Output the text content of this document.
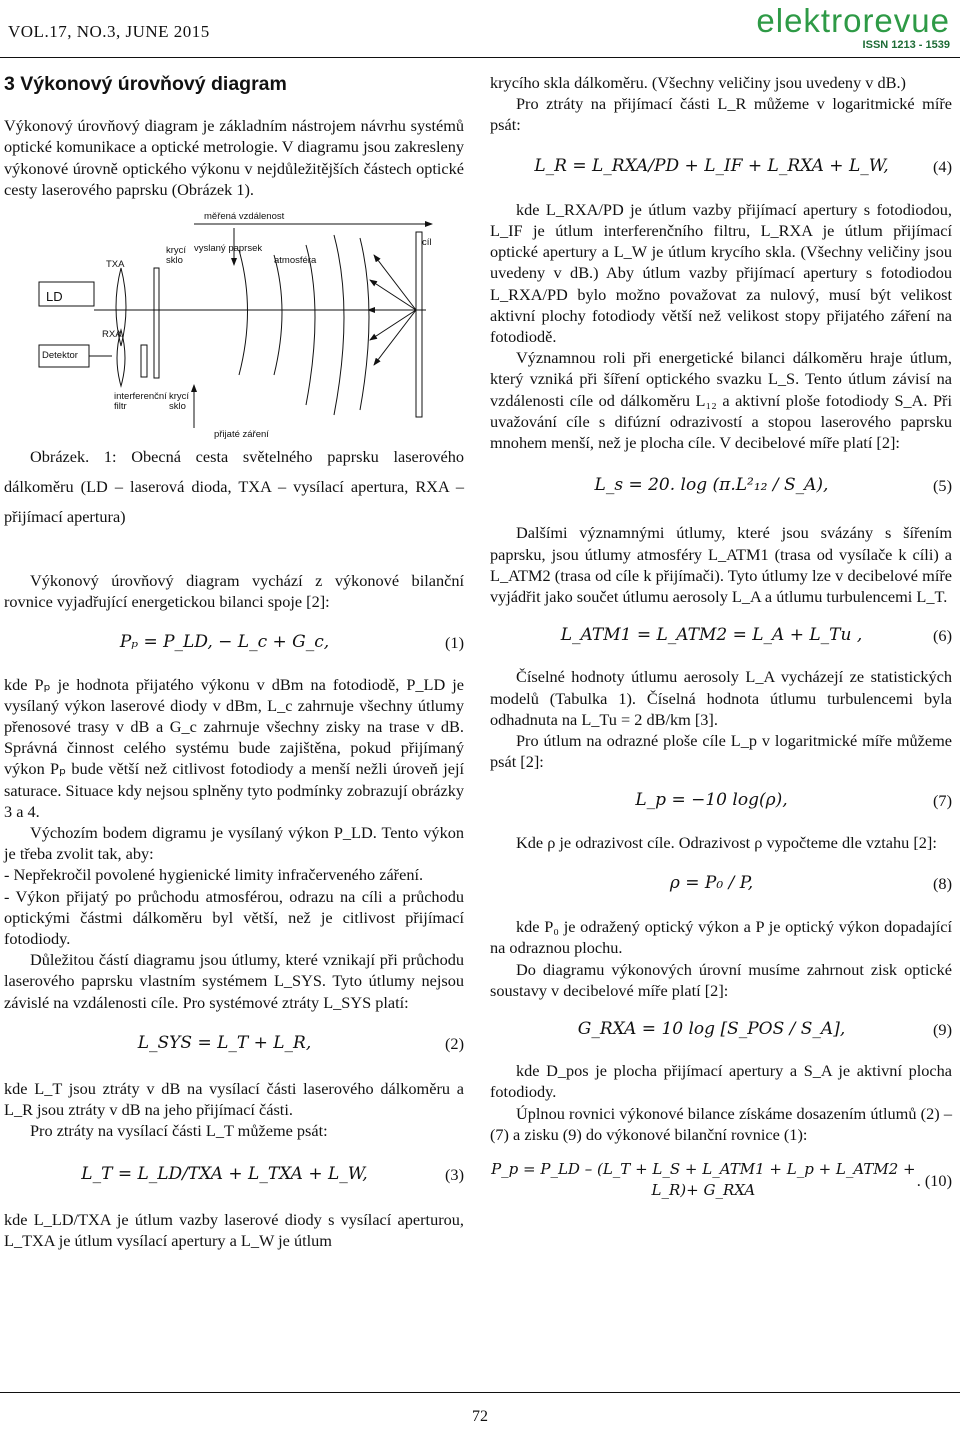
VOL.17, NO.3, JUNE 2015	elektrorevue
ISSN 1213 - 1539
3 Výkonový úrovňový diagram

Výkonový úrovňový diagram je základním nástrojem návrhu systémů optické komunikace a optické metrologie. V diagramu jsou zakresleny výkonové úrovně optického výkonu v nejdůležitějších částech optické cesty laserového paprsku (Obrázek 1).

měřená vzdálenost
TXA
krycí
sklo
vyslaný paprsek
atmosféra
cíl
LD
RXA
Detektor
interferenční
filtr
krycí
sklo
přijaté záření

Obrázek. 1: Obecná cesta světelného paprsku laserového dálkoměru (LD – laserová dioda, TXA – vysílací apertura, RXA – přijímací apertura)

Výkonový úrovňový diagram vychází z výkonové bilanční rovnice vyjadřující energetickou bilanci spoje [2]:

Pₚ = P_LD, − L_c + G_c,	(1)

kde Pₚ je hodnota přijatého výkonu v dBm na fotodiodě, P_LD je vysílaný výkon laserové diody v dBm, L_c zahrnuje všechny útlumy přenosové trasy v dB a G_c zahrnuje všechny zisky na trase v dB. Správná činnost celého systému bude zajištěna, pokud přijímaný výkon Pₚ bude větší než citlivost fotodiody a menší nežli úroveň její saturace. Situace kdy nejsou splněny tyto podmínky zobrazují obrázky 3 a 4.

Výchozím bodem digramu je vysílaný výkon P_LD. Tento výkon je třeba zvolit tak, aby:

- Nepřekročil povolené hygienické limity infračerveného záření.

- Výkon přijatý po průchodu atmosférou, odrazu na cíli a průchodu optickými částmi dálkoměru byl větší, než je citlivost přijímací fotodiody.

Důležitou částí diagramu jsou útlumy, které vznikají při průchodu laserového paprsku vlastním systémem L_SYS. Tyto útlumy nejsou závislé na vzdálenosti cíle. Pro systémové ztráty L_SYS platí:

L_SYS = L_T + L_R,	(2)

kde L_T jsou ztráty v dB na vysílací části laserového dálkoměru a L_R jsou ztráty v dB na jeho přijímací části.

Pro ztráty na vysílací části L_T můžeme psát:

L_T = L_LD/TXA + L_TXA + L_W,	(3)

kde L_LD/TXA je útlum vazby laserové diody s vysílací aperturou, L_TXA je útlum vysílací apertury a L_W je útlum

krycího skla dálkoměru. (Všechny veličiny jsou uvedeny v dB.)

Pro ztráty na přijímací části L_R můžeme v logaritmické míře psát:

L_R = L_RXA/PD + L_IF + L_RXA + L_W,	(4)

kde L_RXA/PD je útlum vazby přijímací apertury s fotodiodou, L_IF je útlum interferenčního filtru, L_RXA je útlum přijímací optické apertury a L_W je útlum krycího skla. (Všechny veličiny jsou uvedeny v dB.) Aby útlum vazby přijímací apertury s fotodiodou L_RXA/PD bylo možno považovat za nulový, musí být velikost aktivní plochy fotodiody větší než velikost stopy přijatého záření na fotodiodě.

Významnou roli při energetické bilanci dálkoměru hraje útlum, který vzniká při šíření optického svazku L_S. Tento útlum závisí na vzdálenosti cíle od dálkoměru L₁₂ a aktivní ploše fotodiody S_A. Při uvažování cíle s difúzní odrazivostí a stopou laserového paprsku mnohem menší, než je plocha cíle. V decibelové míře platí [2]:

L_s = 20. log (π.L²₁₂ / S_A),	(5)

Dalšími významnými útlumy, které jsou svázány s šířením paprsku, jsou útlumy atmosféry L_ATM1 (trasa od vysílače k cíli) a L_ATM2 (trasa od cíle k přijímači). Tyto útlumy lze v decibelové míře vyjádřit jako součet útlumu aerosoly L_A a útlumu turbulencemi L_T.

L_ATM1 = L_ATM2 = L_A + L_Tu ,	(6)

Číselné hodnoty útlumu aerosoly L_A vycházejí ze statistických modelů (Tabulka 1). Číselná hodnota útlumu turbulencemi byla odhadnuta na L_Tu = 2 dB/km [3].

Pro útlum na odrazné ploše cíle L_p v logaritmické míře můžeme psát [2]:

L_p = −10 log(ρ),	(7)

Kde ρ je odrazivost cíle. Odrazivost ρ vypočteme dle vztahu [2]:

ρ = P₀ / P,	(8)

kde P₀ je odražený optický výkon a P je optický výkon dopadající na odraznou plochu.

Do diagramu výkonových úrovní musíme zahrnout zisk optické soustavy v decibelové míře platí [2]:

G_RXA = 10 log [S_POS / S_A],	(9)

kde D_pos je plocha přijímací apertury a S_A je aktivní plocha fotodiody.

Úplnou rovnici výkonové bilance získáme dosazením útlumů (2) – (7) a zisku (9) do výkonové bilanční rovnice (1):

P_p = P_LD – (L_T + L_S + L_ATM1 + L_p + L_ATM2 + L_R)+ G_RXA
. (10)
72
